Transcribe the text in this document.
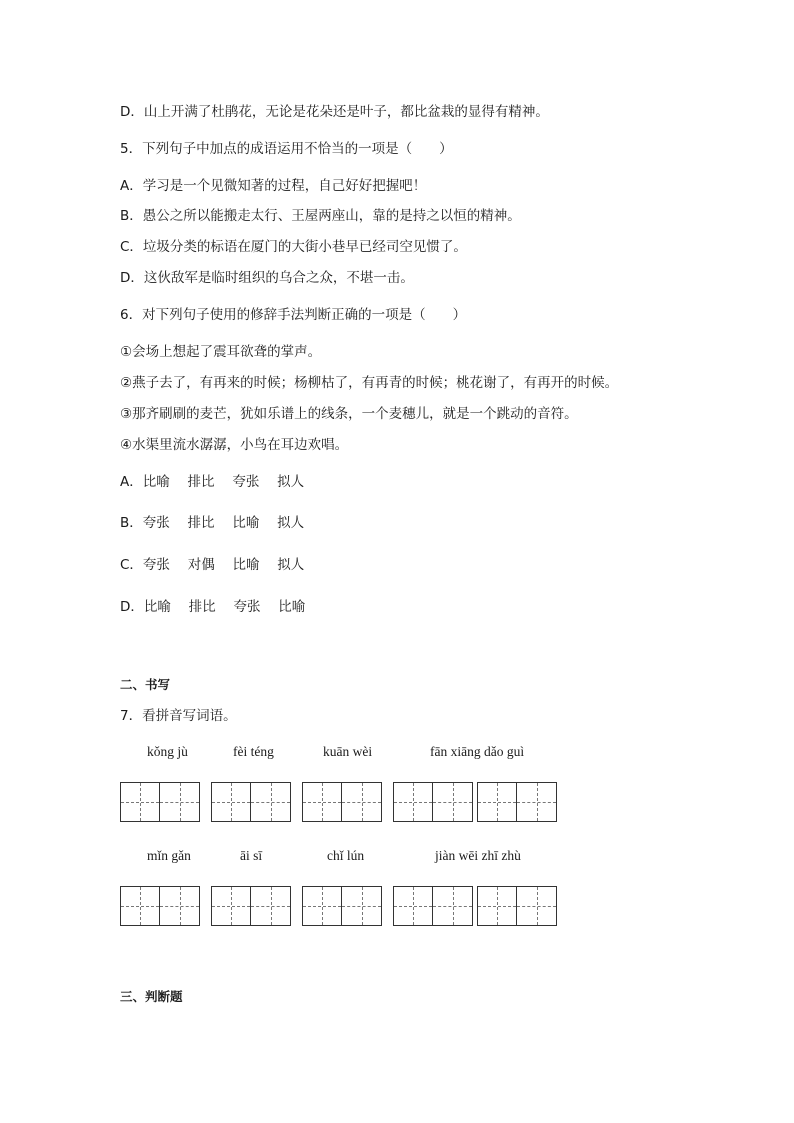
D．山上开满了杜鹃花，无论是花朵还是叶子，都比盆栽的显得有精神。
5．下列句子中加点的成语运用不恰当的一项是（　　）
A．学习是一个见微知著的过程，自己好好把握吧！
B．愚公之所以能搬走太行、王屋两座山，靠的是持之以恒的精神。
C．垃圾分类的标语在厦门的大街小巷早已经司空见惯了。
D．这伙敌军是临时组织的乌合之众，不堪一击。
6．对下列句子使用的修辞手法判断正确的一项是（　　）
①会场上想起了震耳欲聋的掌声。
②燕子去了，有再来的时候；杨柳枯了，有再青的时候；桃花谢了，有再开的时候。
③那齐刷刷的麦芒，犹如乐谱上的线条，一个麦穗儿，就是一个跳动的音符。
④水渠里流水潺潺，小鸟在耳边欢唱。
A．比喻　 排比　 夸张　 拟人
B．夸张　 排比　 比喻　 拟人
C．夸张　 对偶　 比喻　 拟人
D．比喻　 排比　 夸张　 比喻
二、书写
7．看拼音写词语。
kǒng jù	fèi téng	kuān wèi	fān xiāng dǎo guì
mǐn gǎn	āi sī	chǐ lún	jiàn wēi zhī zhù
三、判断题
